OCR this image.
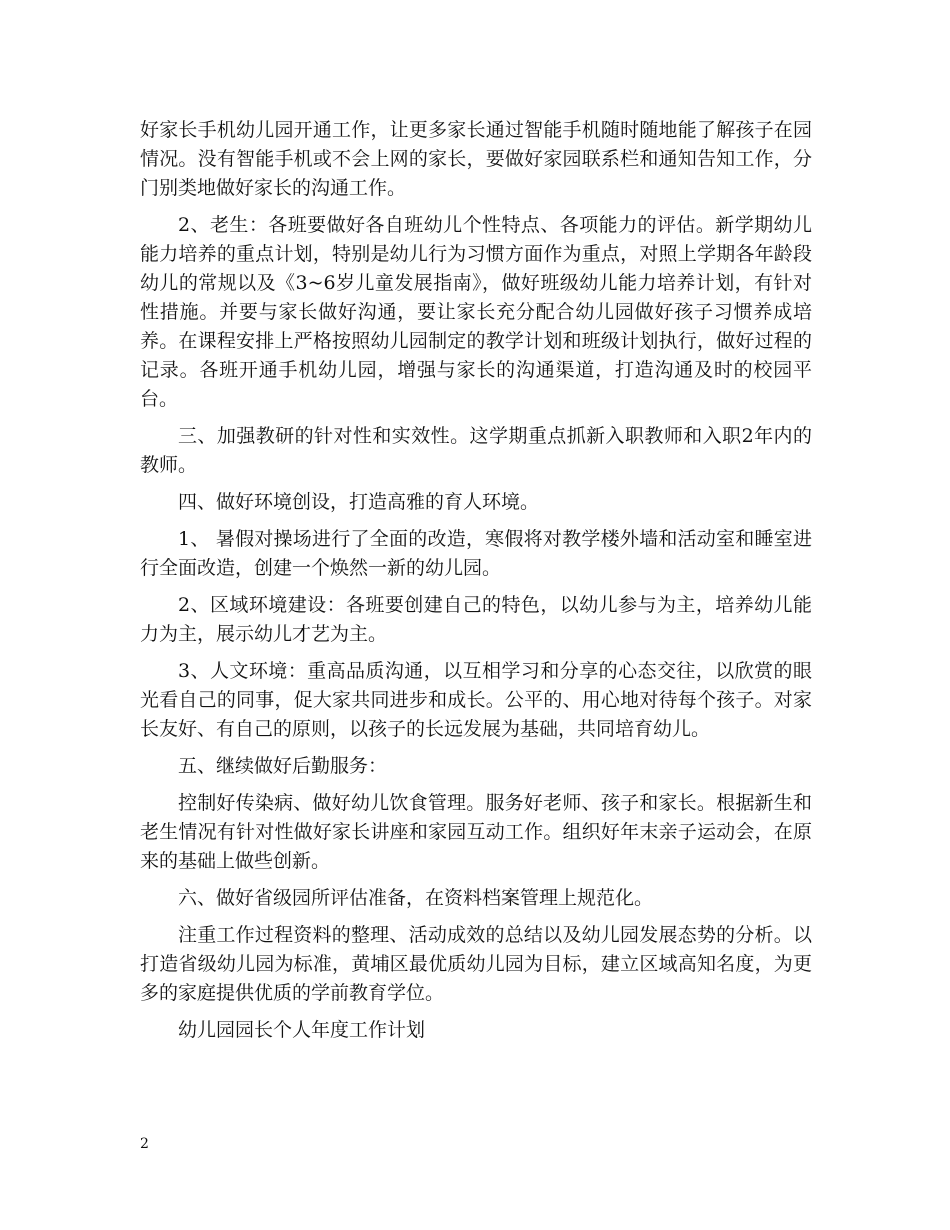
好家长手机幼儿园开通工作，让更多家长通过智能手机随时随地能了解孩子在园情况。没有智能手机或不会上网的家长，要做好家园联系栏和通知告知工作，分门别类地做好家长的沟通工作。

2、老生：各班要做好各自班幼儿个性特点、各项能力的评估。新学期幼儿能力培养的重点计划，特别是幼儿行为习惯方面作为重点，对照上学期各年龄段幼儿的常规以及《3~6岁儿童发展指南》，做好班级幼儿能力培养计划，有针对性措施。并要与家长做好沟通，要让家长充分配合幼儿园做好孩子习惯养成培养。在课程安排上严格按照幼儿园制定的教学计划和班级计划执行，做好过程的记录。各班开通手机幼儿园，增强与家长的沟通渠道，打造沟通及时的校园平台。

三、加强教研的针对性和实效性。这学期重点抓新入职教师和入职2年内的教师。

四、做好环境创设，打造高雅的育人环境。

1、 暑假对操场进行了全面的改造，寒假将对教学楼外墙和活动室和睡室进行全面改造，创建一个焕然一新的幼儿园。

2、区域环境建设：各班要创建自己的特色，以幼儿参与为主，培养幼儿能力为主，展示幼儿才艺为主。

3、人文环境：重高品质沟通，以互相学习和分享的心态交往，以欣赏的眼光看自己的同事，促大家共同进步和成长。公平的、用心地对待每个孩子。对家长友好、有自己的原则，以孩子的长远发展为基础，共同培育幼儿。

五、继续做好后勤服务：

控制好传染病、做好幼儿饮食管理。服务好老师、孩子和家长。根据新生和老生情况有针对性做好家长讲座和家园互动工作。组织好年末亲子运动会，在原来的基础上做些创新。

六、做好省级园所评估准备，在资料档案管理上规范化。

注重工作过程资料的整理、活动成效的总结以及幼儿园发展态势的分析。以打造省级幼儿园为标准，黄埔区最优质幼儿园为目标，建立区域高知名度，为更多的家庭提供优质的学前教育学位。

幼儿园园长个人年度工作计划

2
